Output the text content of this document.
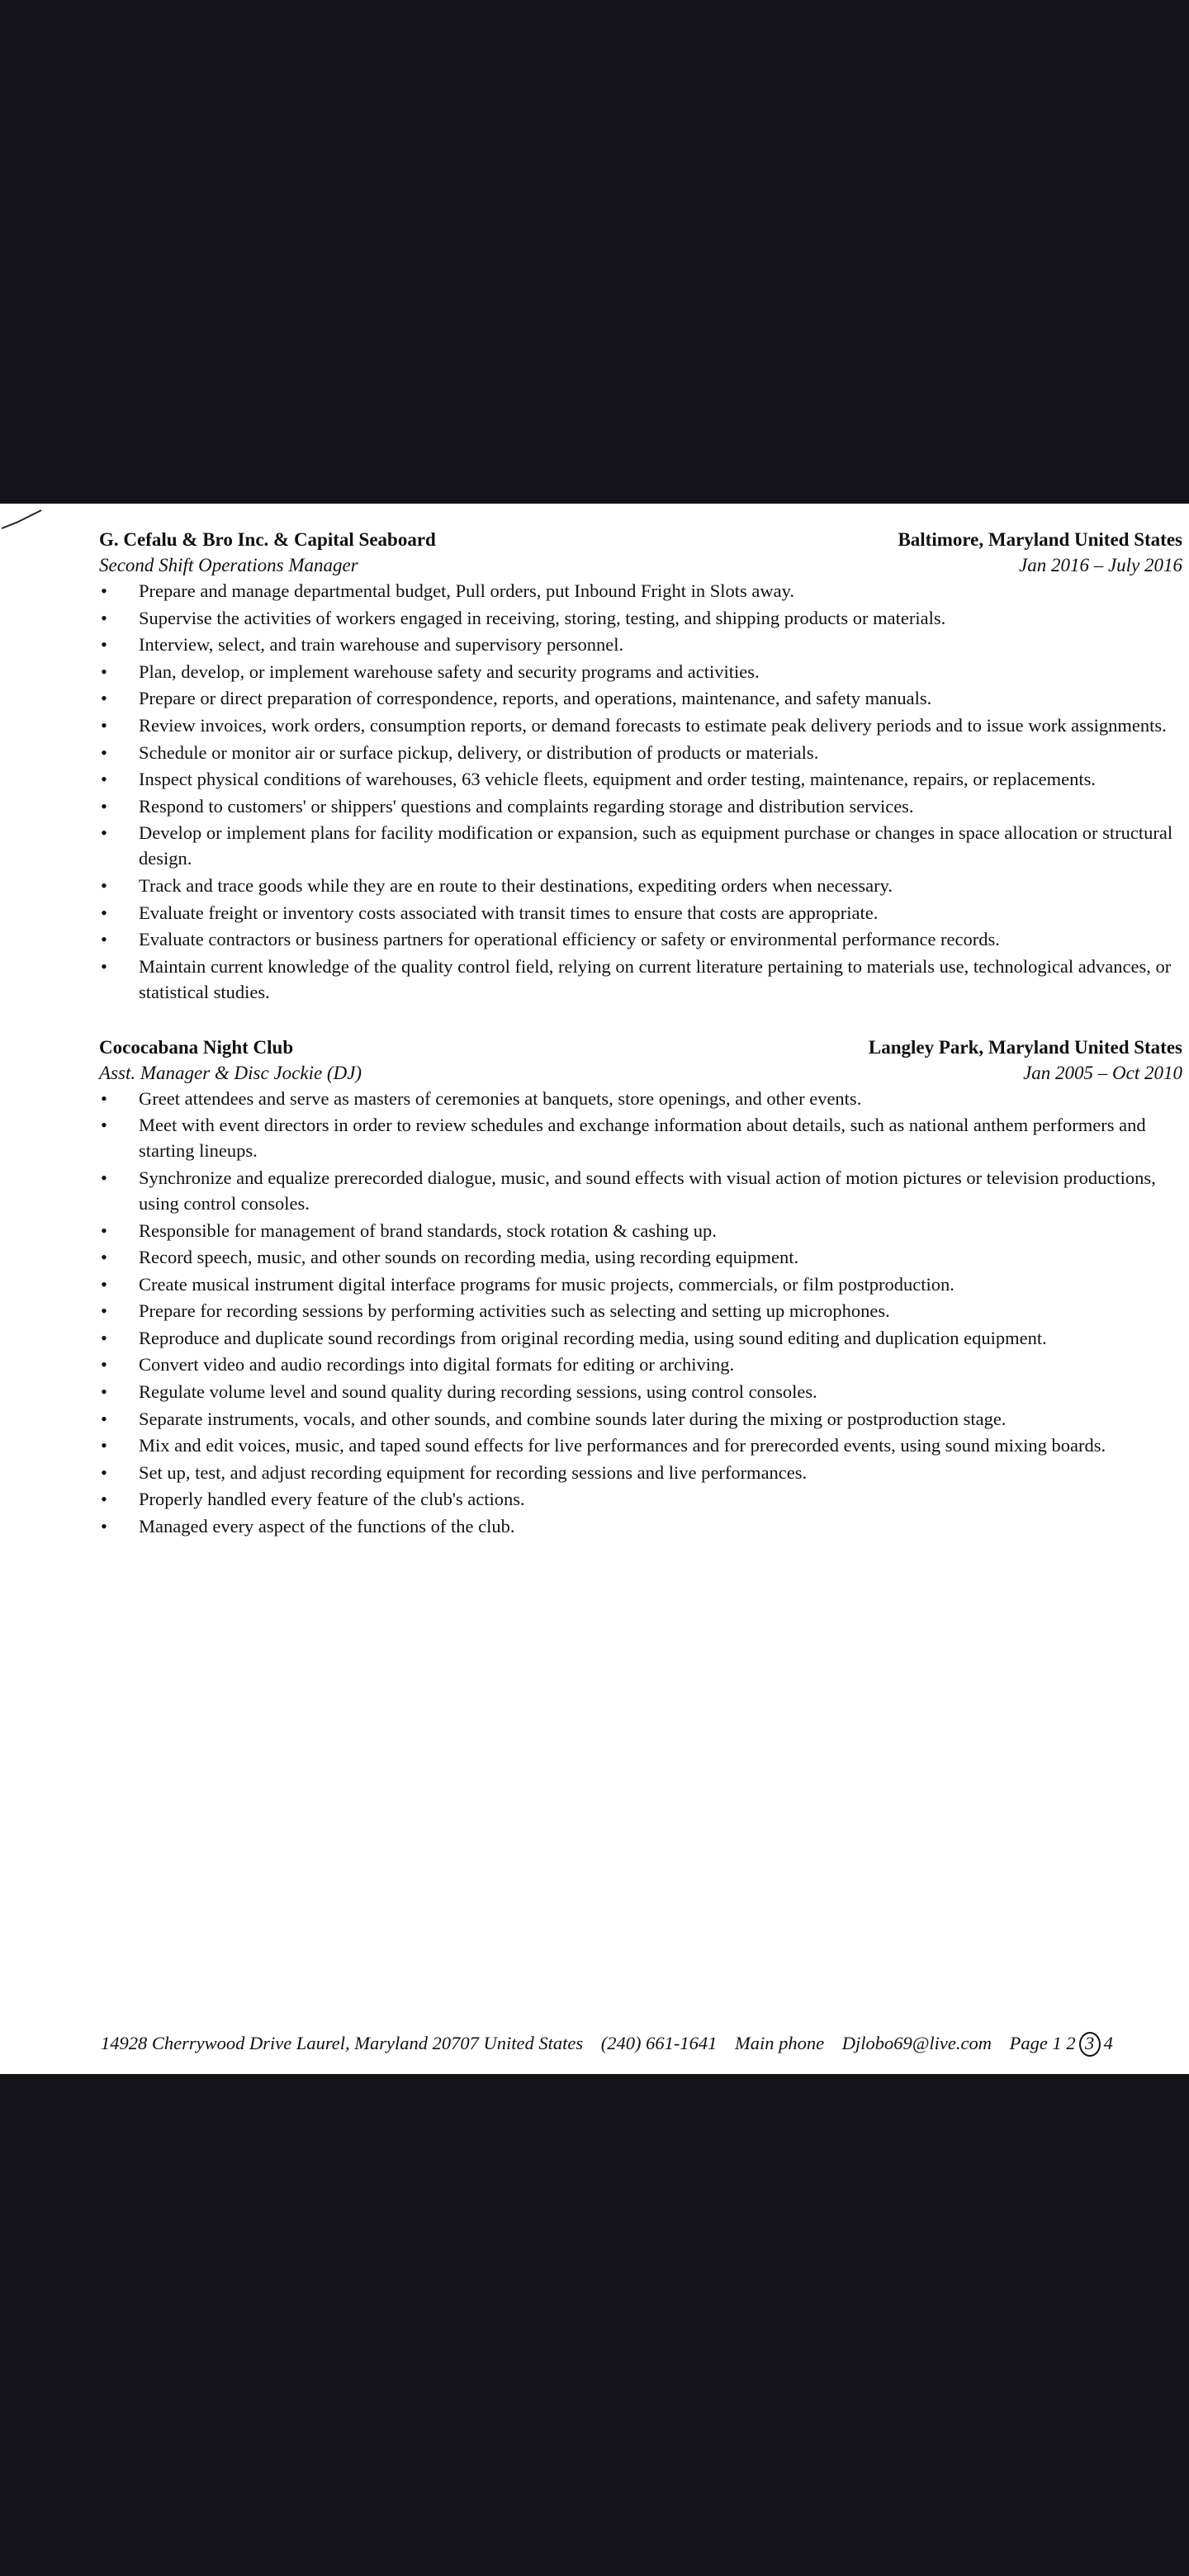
G. Cefalu & Bro Inc. & Capital Seaboard	Baltimore, Maryland United States
Second Shift Operations Manager	Jan 2016 – July 2016
•	Prepare and manage departmental budget, Pull orders, put Inbound Fright in Slots away.
•	Supervise the activities of workers engaged in receiving, storing, testing, and shipping products or materials.
•	Interview, select, and train warehouse and supervisory personnel.
•	Plan, develop, or implement warehouse safety and security programs and activities.
•	Prepare or direct preparation of correspondence, reports, and operations, maintenance, and safety manuals.
•	Review invoices, work orders, consumption reports, or demand forecasts to estimate peak delivery periods and to issue work assignments.
•	Schedule or monitor air or surface pickup, delivery, or distribution of products or materials.
•	Inspect physical conditions of warehouses, 63 vehicle fleets, equipment and order testing, maintenance, repairs, or replacements.
•	Respond to customers' or shippers' questions and complaints regarding storage and distribution services.
•	Develop or implement plans for facility modification or expansion, such as equipment purchase or changes in space allocation or structural design.
•	Track and trace goods while they are en route to their destinations, expediting orders when necessary.
•	Evaluate freight or inventory costs associated with transit times to ensure that costs are appropriate.
•	Evaluate contractors or business partners for operational efficiency or safety or environmental performance records.
•	Maintain current knowledge of the quality control field, relying on current literature pertaining to materials use, technological advances, or statistical studies.
Cococabana Night Club	Langley Park, Maryland United States
Asst. Manager & Disc Jockie (DJ)	Jan 2005 – Oct 2010
•	Greet attendees and serve as masters of ceremonies at banquets, store openings, and other events.
•	Meet with event directors in order to review schedules and exchange information about details, such as national anthem performers and starting lineups.
•	Synchronize and equalize prerecorded dialogue, music, and sound effects with visual action of motion pictures or television productions, using control consoles.
•	Responsible for management of brand standards, stock rotation & cashing up.
•	Record speech, music, and other sounds on recording media, using recording equipment.
•	Create musical instrument digital interface programs for music projects, commercials, or film postproduction.
•	Prepare for recording sessions by performing activities such as selecting and setting up microphones.
•	Reproduce and duplicate sound recordings from original recording media, using sound editing and duplication equipment.
•	Convert video and audio recordings into digital formats for editing or archiving.
•	Regulate volume level and sound quality during recording sessions, using control consoles.
•	Separate instruments, vocals, and other sounds, and combine sounds later during the mixing or postproduction stage.
•	Mix and edit voices, music, and taped sound effects for live performances and for prerecorded events, using sound mixing boards.
•	Set up, test, and adjust recording equipment for recording sessions and live performances.
•	Properly handled every feature of the club's actions.
•	Managed every aspect of the functions of the club.
14928 Cherrywood Drive Laurel, Maryland 20707 United States (240) 661-1641 Main phone Djlobo69@live.com Page 1 2 3 4
